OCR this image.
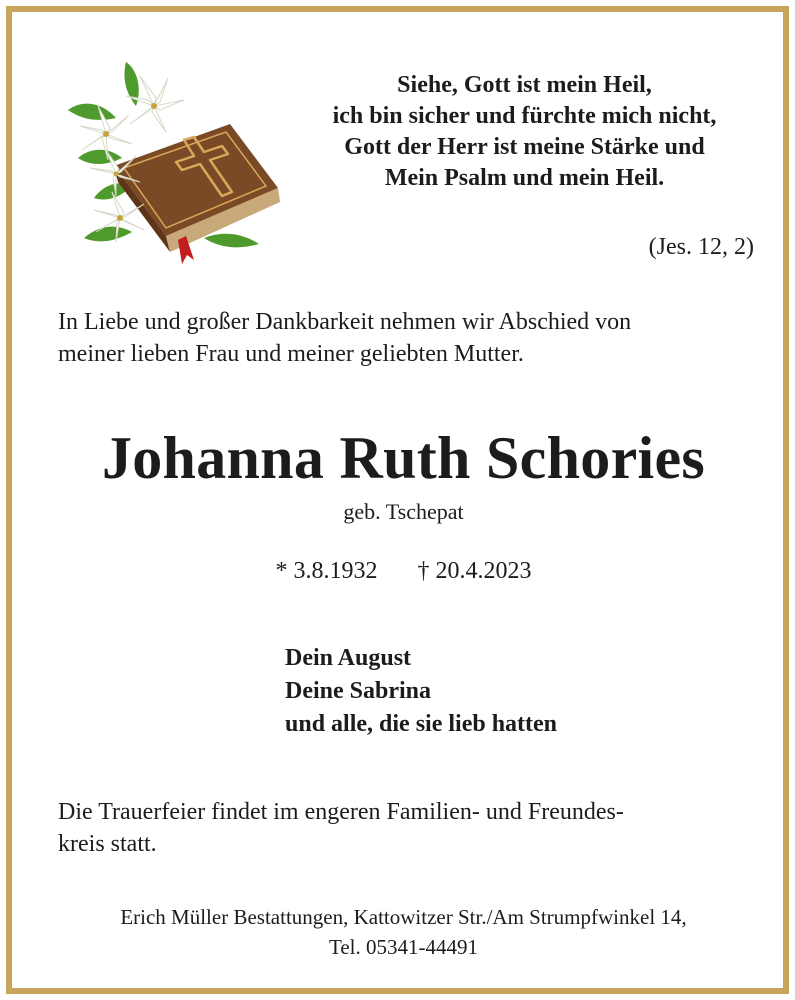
Siehe, Gott ist mein Heil,
ich bin sicher und fürchte mich nicht,
Gott der Herr ist meine Stärke und
Mein Psalm und mein Heil.
(Jes. 12, 2)
In Liebe und großer Dankbarkeit nehmen wir Abschied von
meiner lieben Frau und meiner geliebten Mutter.
Johanna Ruth Schories
geb. Tschepat
* 3.8.1932 † 20.4.2023
Dein August
Deine Sabrina
und alle, die sie lieb hatten
Die Trauerfeier findet im engeren Familien- und Freundes-
kreis statt.
Erich Müller Bestattungen, Kattowitzer Str./Am Strumpfwinkel 14,
Tel. 05341-44491
